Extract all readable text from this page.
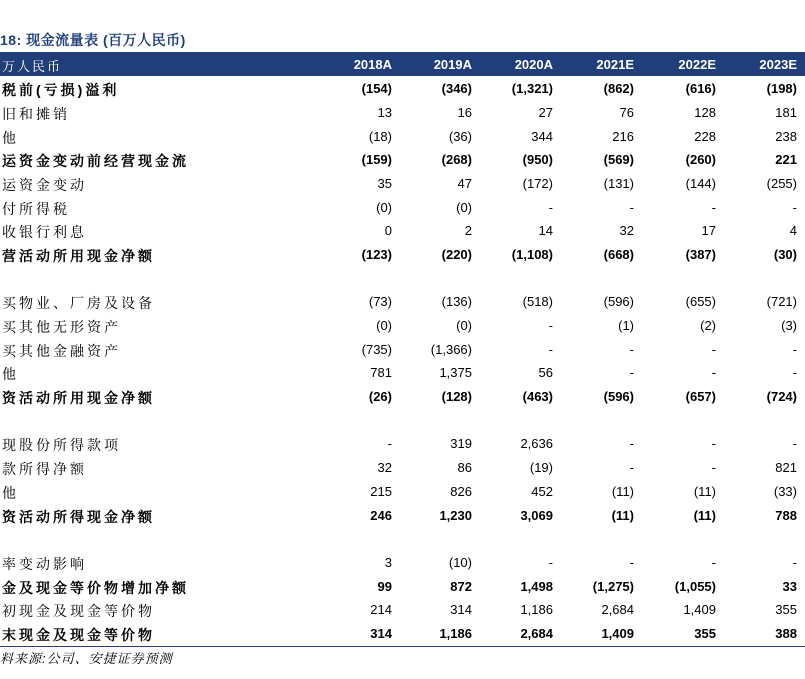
18: 现金流量表 (百万人民币)
万人民币	2018A	2019A	2020A	2021E	2022E	2023E
税前(亏损)溢利	(154)	(346)	(1,321)	(862)	(616)	(198)
旧和摊销	13	16	27	76	128	181
他	(18)	(36)	344	216	228	238
运资金变动前经营现金流	(159)	(268)	(950)	(569)	(260)	221
运资金变动	35	47	(172)	(131)	(144)	(255)
付所得税	(0)	(0)	-	-	-	-
收银行利息	0	2	14	32	17	4
营活动所用现金净额	(123)	(220)	(1,108)	(668)	(387)	(30)
买物业、厂房及设备	(73)	(136)	(518)	(596)	(655)	(721)
买其他无形资产	(0)	(0)	-	(1)	(2)	(3)
买其他金融资产	(735)	(1,366)	-	-	-	-
他	781	1,375	56	-	-	-
资活动所用现金净额	(26)	(128)	(463)	(596)	(657)	(724)
现股份所得款项	-	319	2,636	-	-	-
款所得净额	32	86	(19)	-	-	821
他	215	826	452	(11)	(11)	(33)
资活动所得现金净额	246	1,230	3,069	(11)	(11)	788
率变动影响	3	(10)	-	-	-	-
金及现金等价物增加净额	99	872	1,498	(1,275)	(1,055)	33
初现金及现金等价物	214	314	1,186	2,684	1,409	355
末现金及现金等价物	314	1,186	2,684	1,409	355	388
料来源:公司、安捷证券预测
